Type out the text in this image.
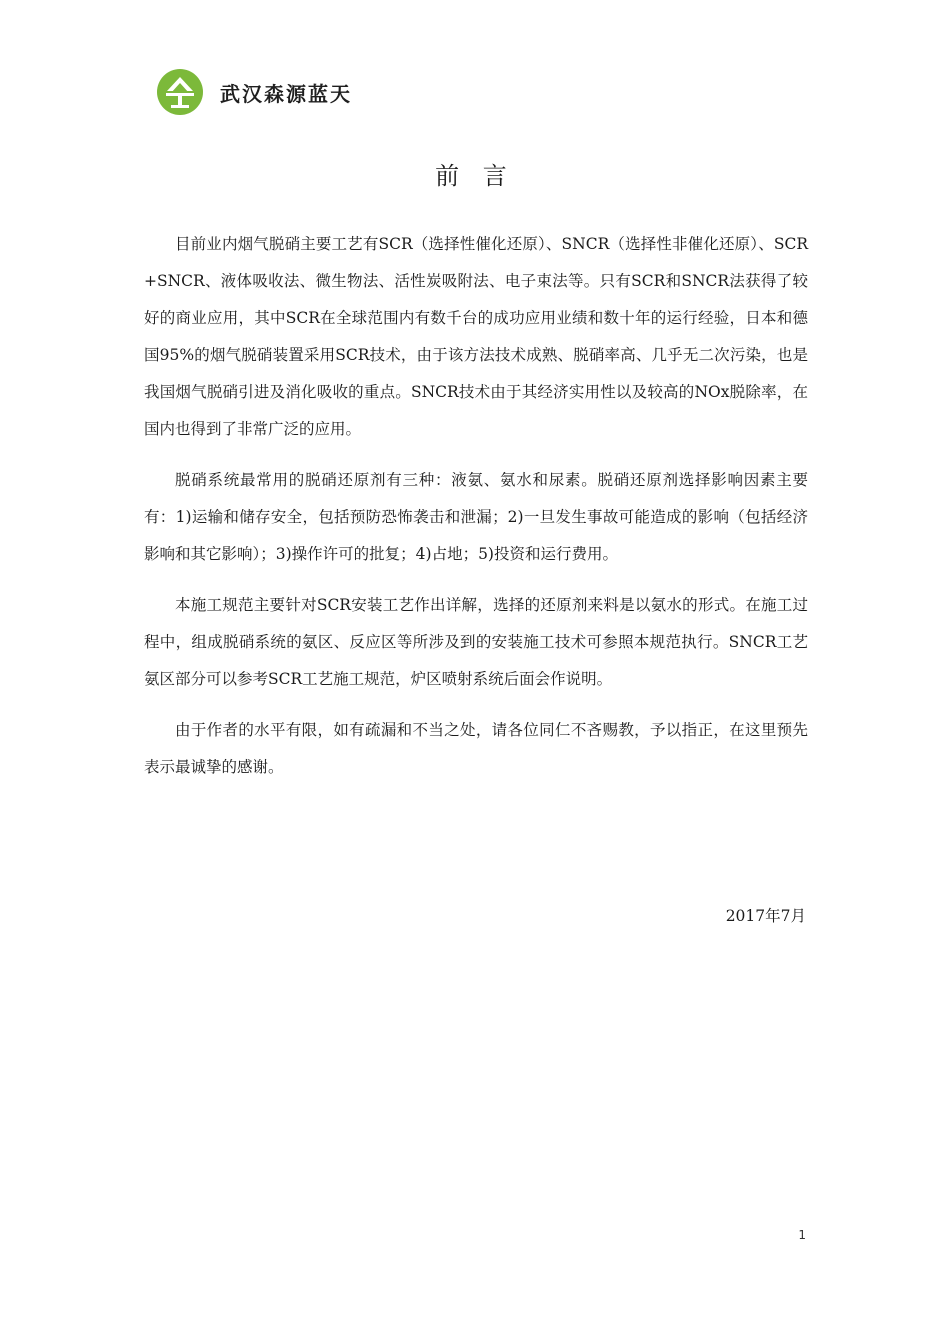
武汉森源蓝天
前 言

目前业内烟气脱硝主要工艺有SCR（选择性催化还原）、SNCR（选择性非催化还原）、SCR+SNCR、液体吸收法、微生物法、活性炭吸附法、电子束法等。只有SCR和SNCR法获得了较好的商业应用，其中SCR在全球范围内有数千台的成功应用业绩和数十年的运行经验，日本和德国95%的烟气脱硝装置采用SCR技术，由于该方法技术成熟、脱硝率高、几乎无二次污染，也是我国烟气脱硝引进及消化吸收的重点。SNCR技术由于其经济实用性以及较高的NOx脱除率，在国内也得到了非常广泛的应用。

脱硝系统最常用的脱硝还原剂有三种：液氨、氨水和尿素。脱硝还原剂选择影响因素主要有：1)运输和储存安全，包括预防恐怖袭击和泄漏；2)一旦发生事故可能造成的影响（包括经济影响和其它影响）；3)操作许可的批复；4)占地；5)投资和运行费用。

本施工规范主要针对SCR安装工艺作出详解，选择的还原剂来料是以氨水的形式。在施工过程中，组成脱硝系统的氨区、反应区等所涉及到的安装施工技术可参照本规范执行。SNCR工艺氨区部分可以参考SCR工艺施工规范，炉区喷射系统后面会作说明。

由于作者的水平有限，如有疏漏和不当之处，请各位同仁不吝赐教，予以指正，在这里预先表示最诚挚的感谢。

2017年7月
1
